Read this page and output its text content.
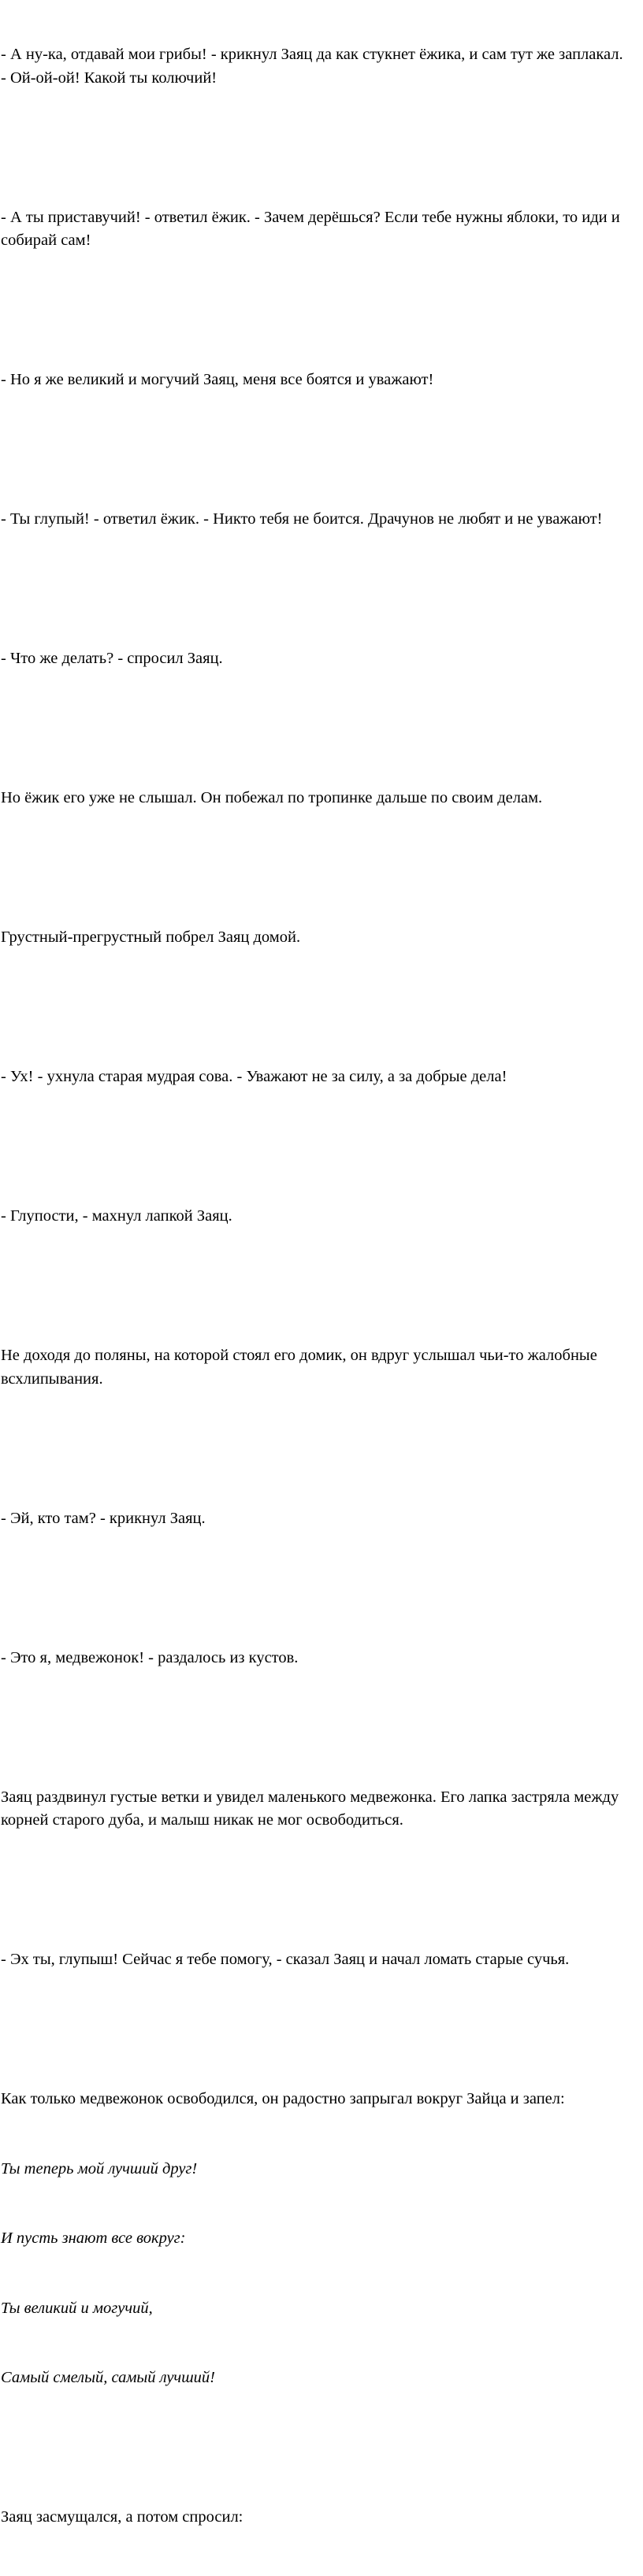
- А ну-ка, отдавай мои грибы! - крикнул Заяц да как стукнет ёжика, и сам тут же заплакал. - Ой-ой-ой! Какой ты колючий!

- А ты приставучий! - ответил ёжик. - Зачем дерёшься? Если тебе нужны яблоки, то иди и собирай сам!

- Но я же великий и могучий Заяц, меня все боятся и уважают!

- Ты глупый! - ответил ёжик. - Никто тебя не боится. Драчунов не любят и не уважают!

- Что же делать? - спросил Заяц.

Но ёжик его уже не слышал. Он побежал по тропинке дальше по своим делам.

Грустный-прегрустный побрел Заяц домой.

- Ух! - ухнула старая мудрая сова. - Уважают не за силу, а за добрые дела!

- Глупости, - махнул лапкой Заяц.

Не доходя до поляны, на которой стоял его домик, он вдруг услышал чьи-то жалобные всхлипывания.

- Эй, кто там? - крикнул Заяц.

- Это я, медвежонок! - раздалось из кустов.

Заяц раздвинул густые ветки и увидел маленького медвежонка. Его лапка застряла между корней старого дуба, и малыш никак не мог освободиться.

- Эх ты, глупыш! Сейчас я тебе помогу, - сказал Заяц и начал ломать старые сучья.

Как только медвежонок освободился, он радостно запрыгал вокруг Зайца и запел:

Ты теперь мой лучший друг!

И пусть знают все вокруг:

Ты великий и могучий,

Самый смелый, самый лучший!

Заяц засмущался, а потом спросил:
